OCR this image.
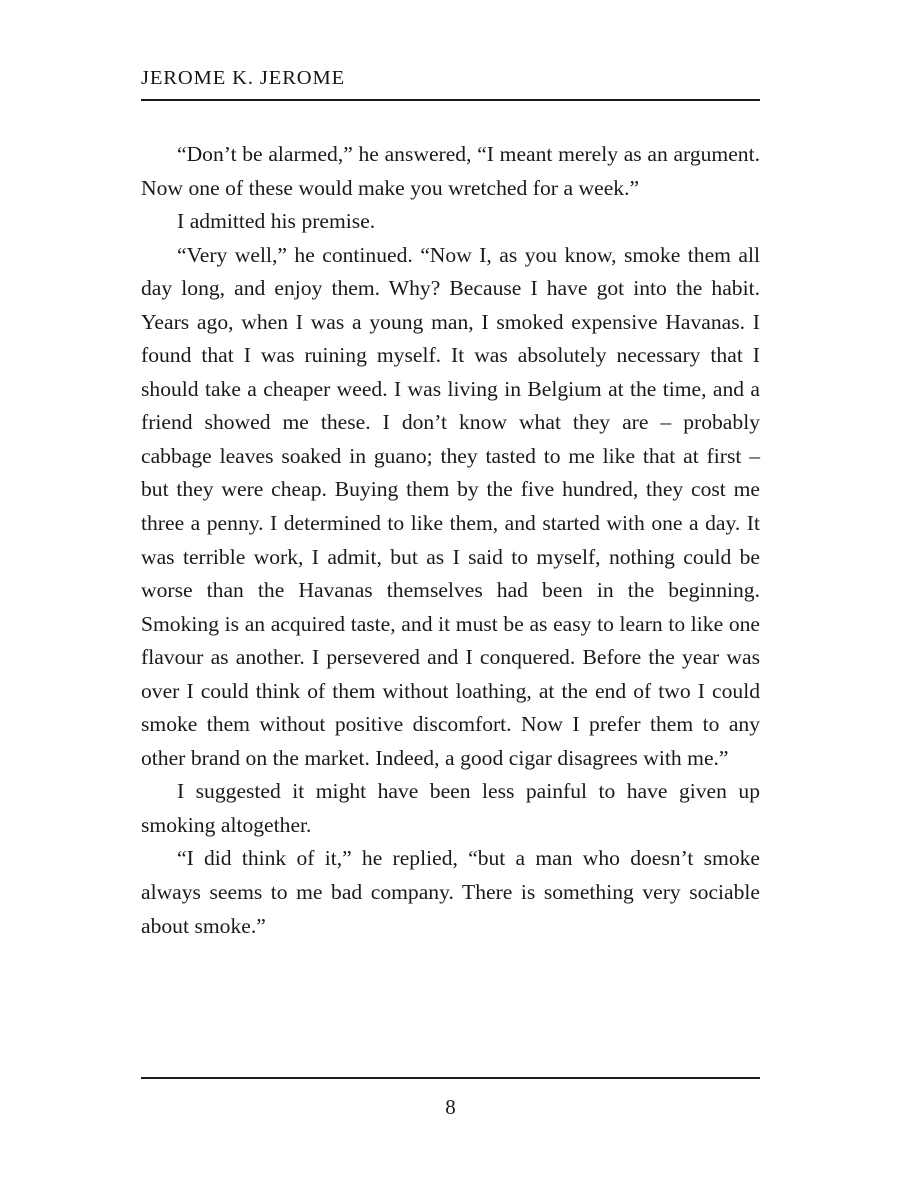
JEROME K. JEROME

“Don’t be alarmed,” he answered, “I meant merely as an argument. Now one of these would make you wretched for a week.”

I admitted his premise.

“Very well,” he continued. “Now I, as you know, smoke them all day long, and enjoy them. Why? Because I have got into the habit. Years ago, when I was a young man, I smoked expensive Havanas. I found that I was ruining myself. It was absolutely necessary that I should take a cheaper weed. I was living in Belgium at the time, and a friend showed me these. I don’t know what they are – probably cabbage leaves soaked in guano; they tasted to me like that at first – but they were cheap. Buying them by the five hundred, they cost me three a penny. I determined to like them, and started with one a day. It was terrible work, I admit, but as I said to myself, nothing could be worse than the Havanas themselves had been in the beginning. Smoking is an acquired taste, and it must be as easy to learn to like one flavour as another. I persevered and I conquered. Before the year was over I could think of them without loathing, at the end of two I could smoke them without positive discomfort. Now I prefer them to any other brand on the market. Indeed, a good cigar disagrees with me.”

I suggested it might have been less painful to have given up smoking altogether.

“I did think of it,” he replied, “but a man who doesn’t smoke always seems to me bad company. There is something very sociable about smoke.”

8
